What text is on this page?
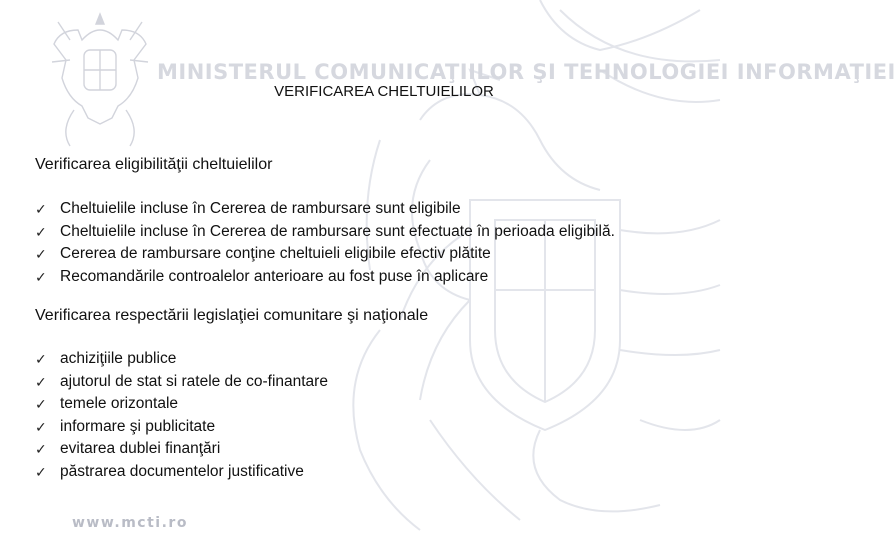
MINISTERUL COMUNICAŢIILOR ŞI TEHNOLOGIEI INFORMAŢIEI
VERIFICAREA CHELTUIELILOR
Verificarea eligibilităţii cheltuielilor
✓ Cheltuielile incluse în Cererea de rambursare sunt eligibile
✓ Cheltuielile incluse în Cererea de rambursare sunt efectuate în perioada eligibilă.
✓ Cererea de rambursare conţine cheltuieli eligibile efectiv plătite
✓ Recomandările controalelor anterioare au fost puse în aplicare
Verificarea respectării legislaţiei comunitare şi naţionale
✓ achiziţiile publice
✓ ajutorul de stat si ratele de co-finantare
✓ temele orizontale
✓ informare şi publicitate
✓ evitarea dublei finanţări
✓ păstrarea documentelor justificative
www.mcti.ro
